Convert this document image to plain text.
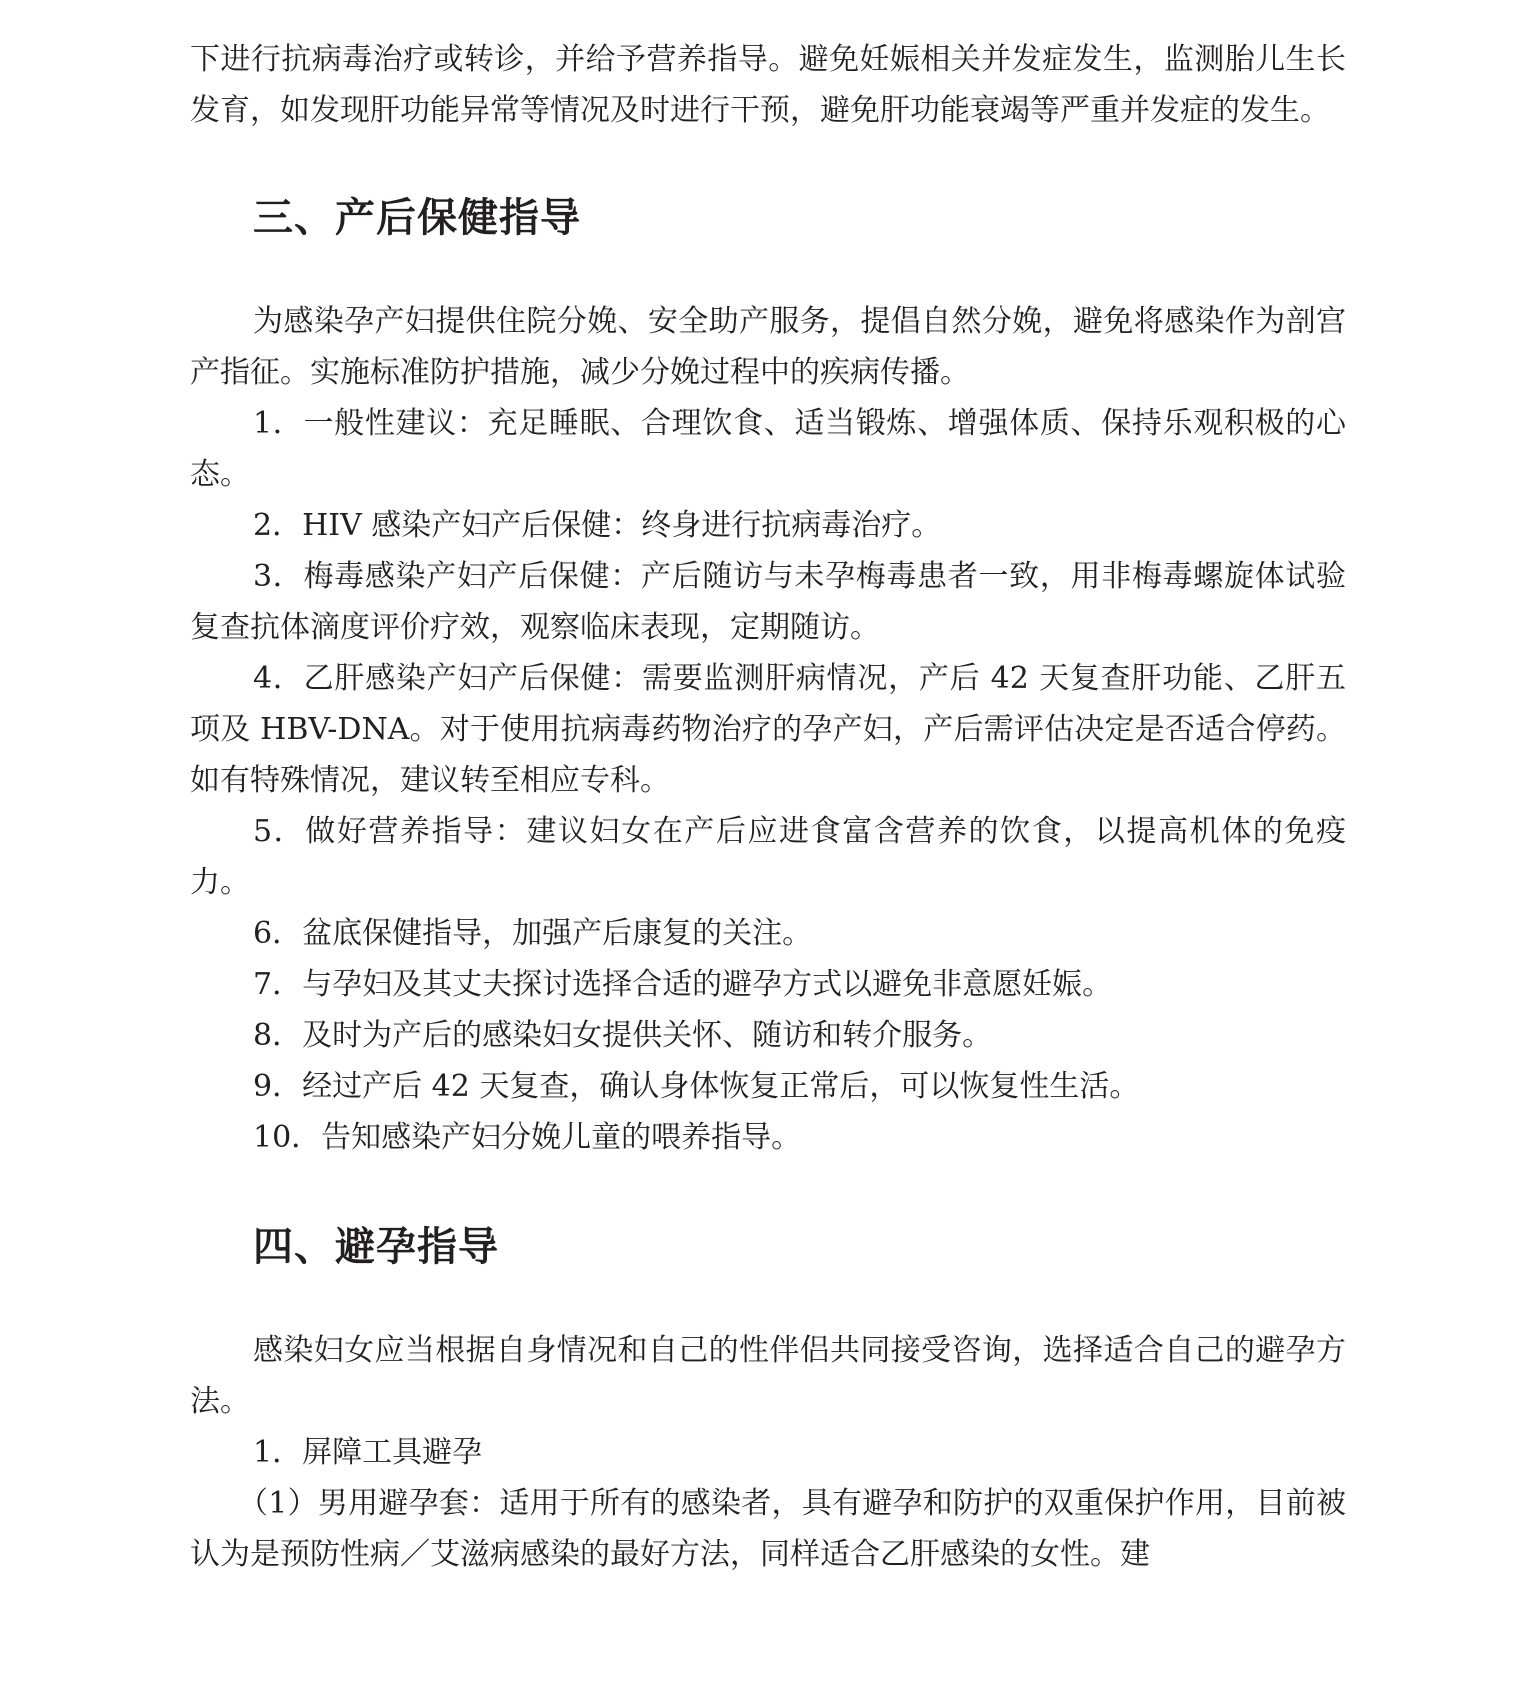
下进行抗病毒治疗或转诊，并给予营养指导。避免妊娠相关并发症发生，监测胎儿生长发育，如发现肝功能异常等情况及时进行干预，避免肝功能衰竭等严重并发症的发生。

三、产后保健指导

为感染孕产妇提供住院分娩、安全助产服务，提倡自然分娩，避免将感染作为剖宫产指征。实施标准防护措施，减少分娩过程中的疾病传播。

1．一般性建议：充足睡眠、合理饮食、适当锻炼、增强体质、保持乐观积极的心态。

2．HIV 感染产妇产后保健：终身进行抗病毒治疗。

3．梅毒感染产妇产后保健：产后随访与未孕梅毒患者一致，用非梅毒螺旋体试验复查抗体滴度评价疗效，观察临床表现，定期随访。

4．乙肝感染产妇产后保健：需要监测肝病情况，产后 42 天复查肝功能、乙肝五项及 HBV-DNA。对于使用抗病毒药物治疗的孕产妇，产后需评估决定是否适合停药。如有特殊情况，建议转至相应专科。

5．做好营养指导：建议妇女在产后应进食富含营养的饮食，以提高机体的免疫力。

6．盆底保健指导，加强产后康复的关注。

7．与孕妇及其丈夫探讨选择合适的避孕方式以避免非意愿妊娠。

8．及时为产后的感染妇女提供关怀、随访和转介服务。

9．经过产后 42 天复查，确认身体恢复正常后，可以恢复性生活。

10．告知感染产妇分娩儿童的喂养指导。

四、避孕指导

感染妇女应当根据自身情况和自己的性伴侣共同接受咨询，选择适合自己的避孕方法。

1．屏障工具避孕

（1）男用避孕套：适用于所有的感染者，具有避孕和防护的双重保护作用，目前被认为是预防性病／艾滋病感染的最好方法，同样适合乙肝感染的女性。建
